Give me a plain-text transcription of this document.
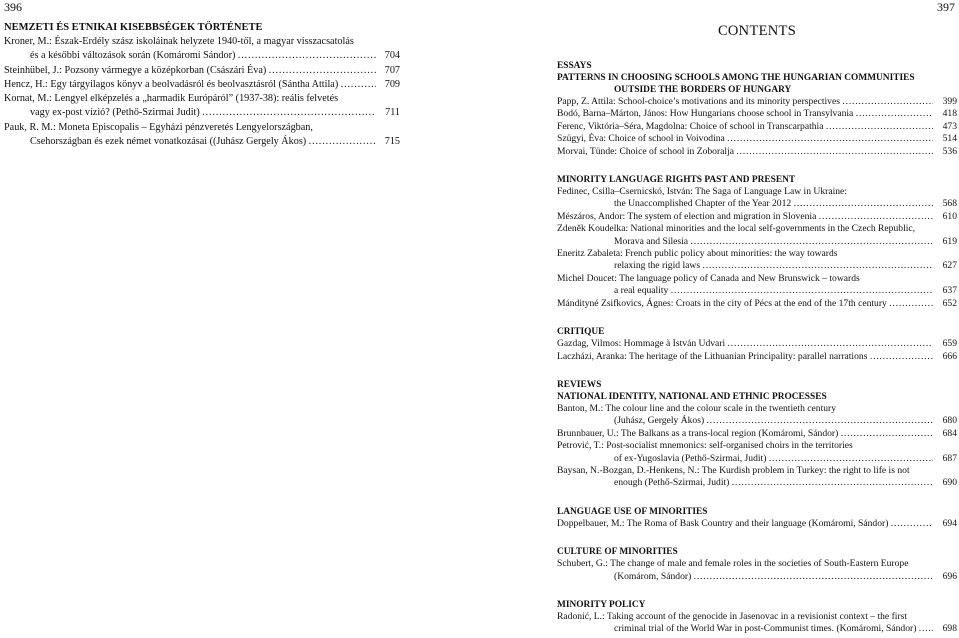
396
NEMZETI ÉS ETNIKAI KISEBBSÉGEK TÖRTÉNETE
Kroner, M.: Észak-Erdély szász iskoláinak helyzete 1940-től, a magyar visszacsatolás
és a későbbi változások során (Komáromi Sándor) …………………………………………………………………………………………………………………………………………………	704
Steinhübel, J.: Pozsony vármegye a középkorban (Császári Éva) …………………………………………………………………………………………………………………………………………………	707
Hencz, H.: Egy tárgyilagos könyv a beolvadásról és beolvasztásról (Sántha Attila) …………………………………………………………………………………………………………………………………………………	709
Kornat, M.: Lengyel elképzelés a „harmadik Európáról” (1937-38): reális felvetés
vagy ex-post vízió? (Pethő-Szirmai Judit) …………………………………………………………………………………………………………………………………………………	711
Pauk, R. M.: Moneta Episcopalis – Egyházi pénzveretés Lengyelországban,
Csehországban és ezek német vonatkozásai ((Juhász Gergely Ákos) …………………………………………………………………………………………………………………………………………………	715
397
CONTENTS
ESSAYS
PATTERNS IN CHOOSING SCHOOLS AMONG THE HUNGARIAN COMMUNITIES
OUTSIDE THE BORDERS OF HUNGARY
Papp, Z. Attila: School-choice’s motivations and its minority perspectives …………………………………………………………………………………………………………………………………………………	399
Bodó, Barna–Márton, János: How Hungarians choose school in Transylvania …………………………………………………………………………………………………………………………………………………	418
Ferenc, Viktória–Séra, Magdolna: Choice of school in Transcarpathia …………………………………………………………………………………………………………………………………………………	473
Szügyi, Éva: Choice of school in Voivodina …………………………………………………………………………………………………………………………………………………	514
Morvai, Tünde: Choice of school in Zoboralja …………………………………………………………………………………………………………………………………………………	536
MINORITY LANGUAGE RIGHTS PAST AND PRESENT
Fedinec, Csilla–Csernicskó, István: The Saga of Language Law in Ukraine:
the Unaccomplished Chapter of the Year 2012 …………………………………………………………………………………………………………………………………………………	568
Mészáros, Andor: The system of election and migration in Slovenia …………………………………………………………………………………………………………………………………………………	610
Zdeněk Koudelka: National minorities and the local self-governments in the Czech Republic,
Morava and Silesia …………………………………………………………………………………………………………………………………………………	619
Eneritz Zabaleta: French public policy about minorities: the way towards
relaxing the rigid laws …………………………………………………………………………………………………………………………………………………	627
Michel Doucet: The language policy of Canada and New Brunswick – towards
a real equality …………………………………………………………………………………………………………………………………………………	637
Mándityné Zsifkovics, Ágnes: Croats in the city of Pécs at the end of the 17th century …………………………………………………………………………………………………………………………………………………	652
CRITIQUE
Gazdag, Vilmos: Hommage à István Udvari …………………………………………………………………………………………………………………………………………………	659
Laczházi, Aranka: The heritage of the Lithuanian Principality: parallel narrations …………………………………………………………………………………………………………………………………………………	666
REVIEWS
NATIONAL IDENTITY, NATIONAL AND ETHNIC PROCESSES
Banton, M.: The colour line and the colour scale in the twentieth century
(Juhász, Gergely Ákos) …………………………………………………………………………………………………………………………………………………	680
Brunnbauer, U.: The Balkans as a trans-local region (Komáromi, Sándor) …………………………………………………………………………………………………………………………………………………	684
Petrović, T.: Post-socialist mnemonics: self-organised choirs in the territories
of ex-Yugoslavia (Pethő-Szirmai, Judit) …………………………………………………………………………………………………………………………………………………	687
Baysan, N.-Bozgan, D.-Henkens, N.: The Kurdish problem in Turkey: the right to life is not
enough (Pethő-Szirmai, Judit) …………………………………………………………………………………………………………………………………………………	690
LANGUAGE USE OF MINORITIES
Doppelbauer, M.: The Roma of Bask Country and their language (Komáromi, Sándor) …………………………………………………………………………………………………………………………………………………	694
CULTURE OF MINORITIES
Schubert, G.: The change of male and female roles in the societies of South-Eastern Europe
(Komárom, Sándor) …………………………………………………………………………………………………………………………………………………	696
MINORITY POLICY
Radonić, L.: Taking account of the genocide in Jasenovac in a revisionist context – the first
criminal trial of the World War in post-Communist times. (Komáromi, Sándor) …………………………………………………………………………………………………………………………………………………	698
